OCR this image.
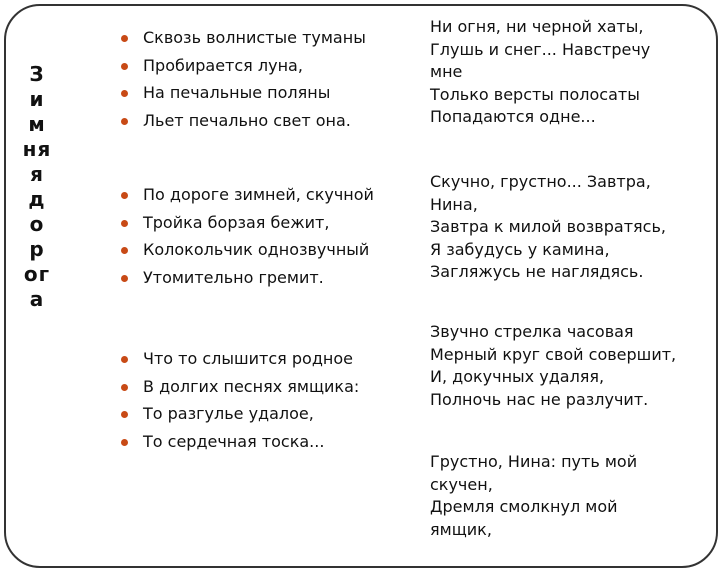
З
и
м
ня
я
д
о
р
ог
а
Сквозь волнистые туманы
Пробирается луна,
На печальные поляны
Льет печально свет она.
По дороге зимней, скучной
Тройка борзая бежит,
Колокольчик однозвучный
Утомительно гремит.
Что то слышится родное
В долгих песнях ямщика:
То разгулье удалое,
То сердечная тоска...
Ни огня, ни черной хаты,
Глушь и снег... Навстречу
мне
Только версты полосаты
Попадаются одне...
Скучно, грустно... Завтра,
Нина,
Завтра к милой возвратясь,
Я забудусь у камина,
Загляжусь не наглядясь.
Звучно стрелка часовая
Мерный круг свой совершит,
И, докучных удаляя,
Полночь нас не разлучит.
Грустно, Нина: путь мой
скучен,
Дремля смолкнул мой
ямщик,
